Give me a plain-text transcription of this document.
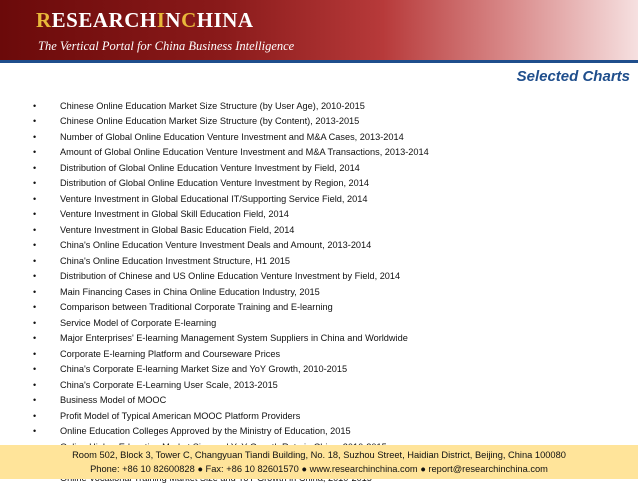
RESEARCHINCHINA
The Vertical Portal for China Business Intelligence
Selected Charts
•	Chinese Online Education Market Size Structure (by User Age), 2010-2015
•	Chinese Online Education Market Size Structure (by Content), 2013-2015
•	Number of Global Online Education Venture Investment and M&A Cases, 2013-2014
•	Amount of Global Online Education Venture Investment and M&A Transactions, 2013-2014
•	Distribution of Global Online Education Venture Investment by Field, 2014
•	Distribution of Global Online Education Venture Investment by Region, 2014
•	Venture Investment in Global Educational IT/Supporting Service Field, 2014
•	Venture Investment in Global Skill Education Field, 2014
•	Venture Investment in Global Basic Education Field, 2014
•	China's Online Education Venture Investment Deals and Amount, 2013-2014
•	China's Online Education Investment Structure, H1 2015
•	Distribution of Chinese and US Online Education Venture Investment by Field, 2014
•	Main Financing Cases in China Online Education Industry, 2015
•	Comparison between Traditional Corporate Training and E-learning
•	Service Model of Corporate E-learning
•	Major Enterprises' E-learning Management System Suppliers in China and Worldwide
•	Corporate E-learning Platform and Courseware Prices
•	China's Corporate E-learning Market Size and YoY Growth, 2010-2015
•	China's Corporate E-Learning User Scale, 2013-2015
•	Business Model of MOOC
•	Profit Model of Typical American MOOC Platform Providers
•	Online Education Colleges Approved by the Ministry of Education, 2015
Room 502, Block 3, Tower C, Changyuan Tiandi Building, No. 18, Suzhou Street, Haidian District, Beijing, China 100080
Phone: +86 10 82600828 ● Fax: +86 10 82601570 ● www.researchinchina.com ● report@researchinchina.com
